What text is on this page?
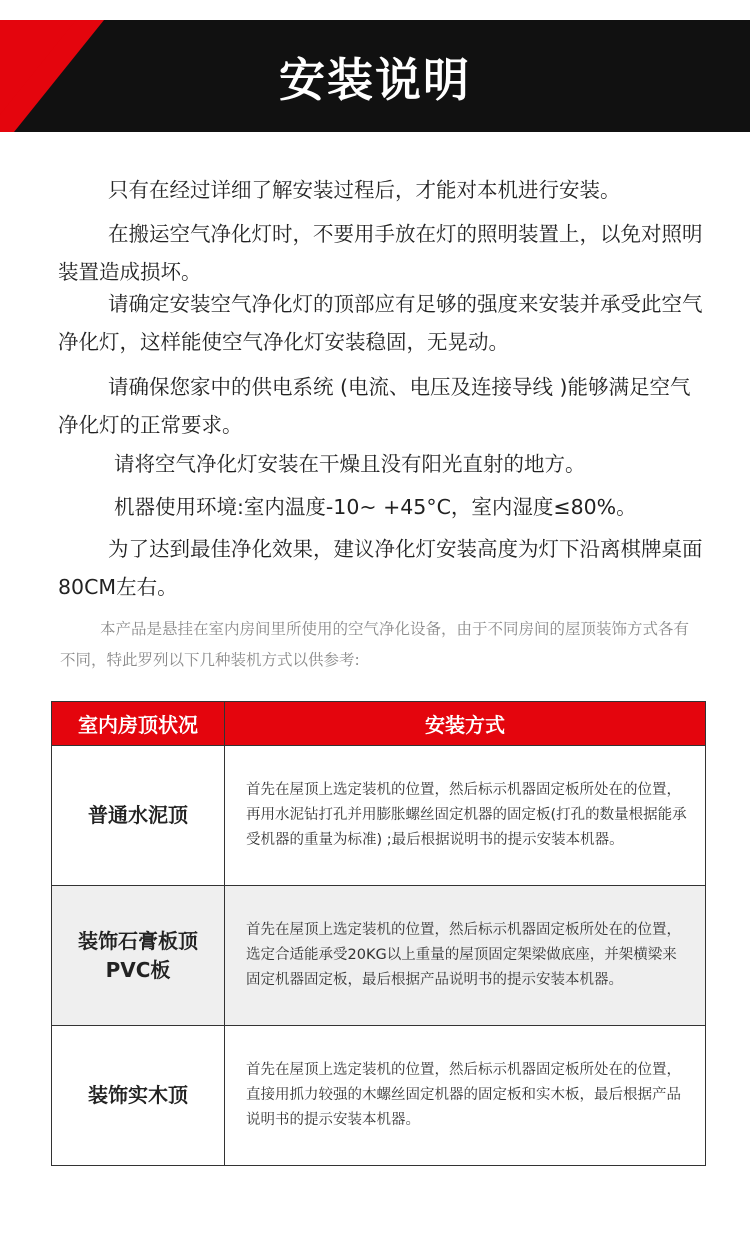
安装说明

只有在经过详细了解安装过程后，才能对本机进行安装。

在搬运空气净化灯时，不要用手放在灯的照明装置上，以免对照明装置造成损坏。

请确定安装空气净化灯的顶部应有足够的强度来安装并承受此空气净化灯，这样能使空气净化灯安装稳固，无晃动。

请确保您家中的供电系统 (电流、电压及连接导线 )能够满足空气净化灯的正常要求。

请将空气净化灯安装在干燥且没有阳光直射的地方。

机器使用环境:室内温度-10~ +45°C，室内湿度≤80%。

为了达到最佳净化效果，建议净化灯安装高度为灯下沿离棋牌桌面80CM左右。

本产品是悬挂在室内房间里所使用的空气净化设备，由于不同房间的屋顶装饰方式各有不同，特此罗列以下几种装机方式以供参考:

室内房顶状况	安装方式

普通水泥顶	首先在屋顶上选定装机的位置，然后标示机器固定板所处在的位置，再用水泥钻打孔并用膨胀螺丝固定机器的固定板(打孔的数量根据能承受机器的重量为标准) ;最后根据说明书的提示安装本机器。

装饰石膏板顶
PVC板	首先在屋顶上选定装机的位置，然后标示机器固定板所处在的位置，选定合适能承受20KG以上重量的屋顶固定架梁做底座，并架横梁来固定机器固定板，最后根据产品说明书的提示安装本机器。

装饰实木顶	首先在屋顶上选定装机的位置，然后标示机器固定板所处在的位置，直接用抓力较强的木螺丝固定机器的固定板和实木板，最后根据产品说明书的提示安装本机器。
